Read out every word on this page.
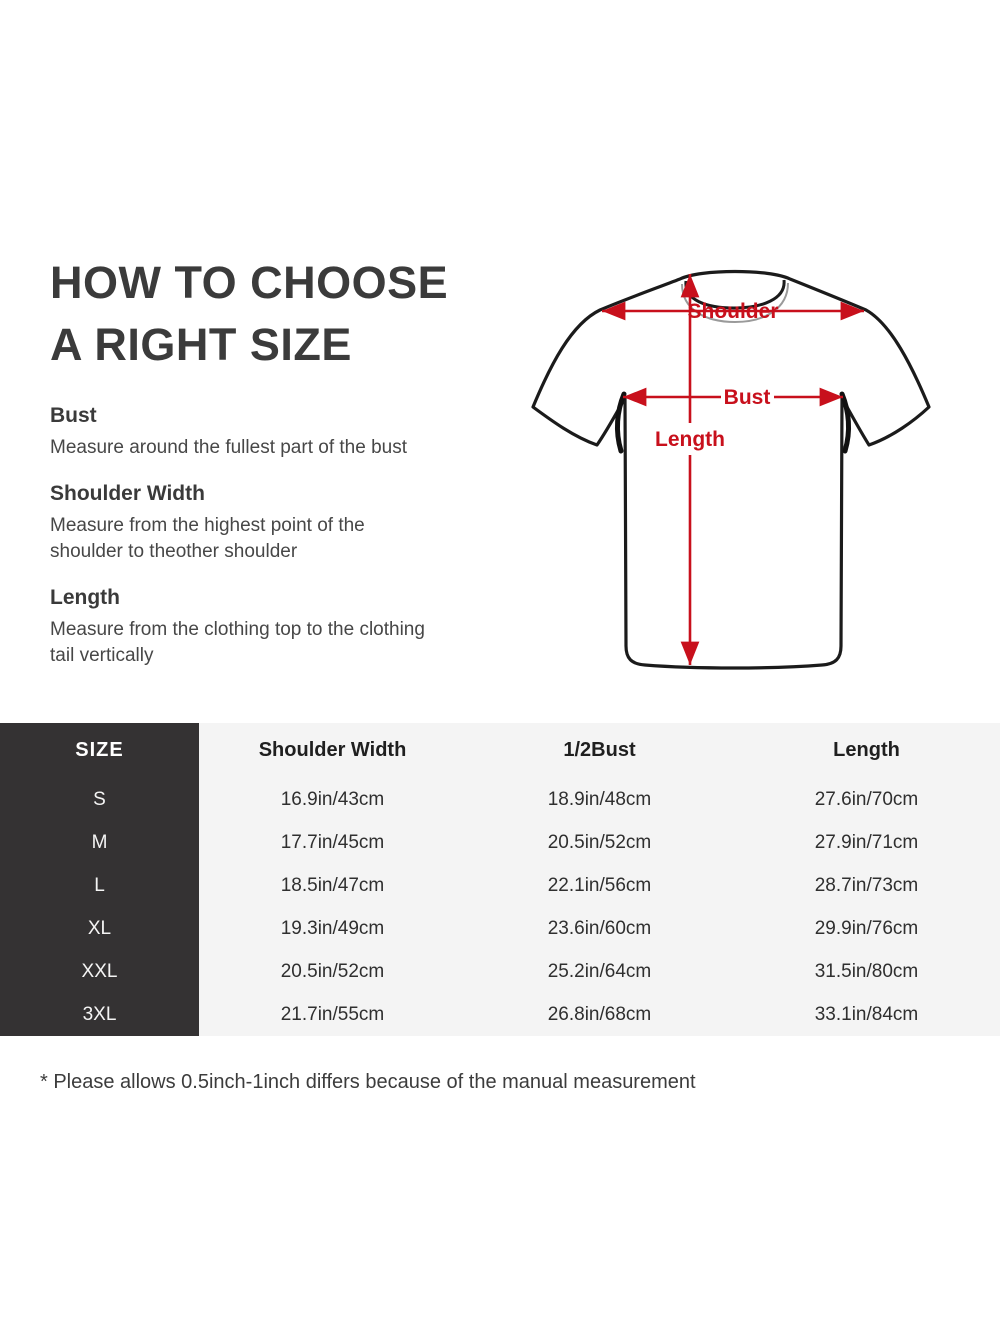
HOW TO CHOOSE
A RIGHT SIZE

Bust

Measure around the fullest part of the bust

Shoulder Width

Measure from the highest point of the shoulder to theother shoulder

Length

Measure from the clothing top to the clothing tail vertically

Shoulder
Bust
Length
SIZE	Shoulder Width	1/2Bust	Length
S	16.9in/43cm	18.9in/48cm	27.6in/70cm
M	17.7in/45cm	20.5in/52cm	27.9in/71cm
L	18.5in/47cm	22.1in/56cm	28.7in/73cm
XL	19.3in/49cm	23.6in/60cm	29.9in/76cm
XXL	20.5in/52cm	25.2in/64cm	31.5in/80cm
3XL	21.7in/55cm	26.8in/68cm	33.1in/84cm
* Please allows 0.5inch-1inch differs because of the manual measurement
